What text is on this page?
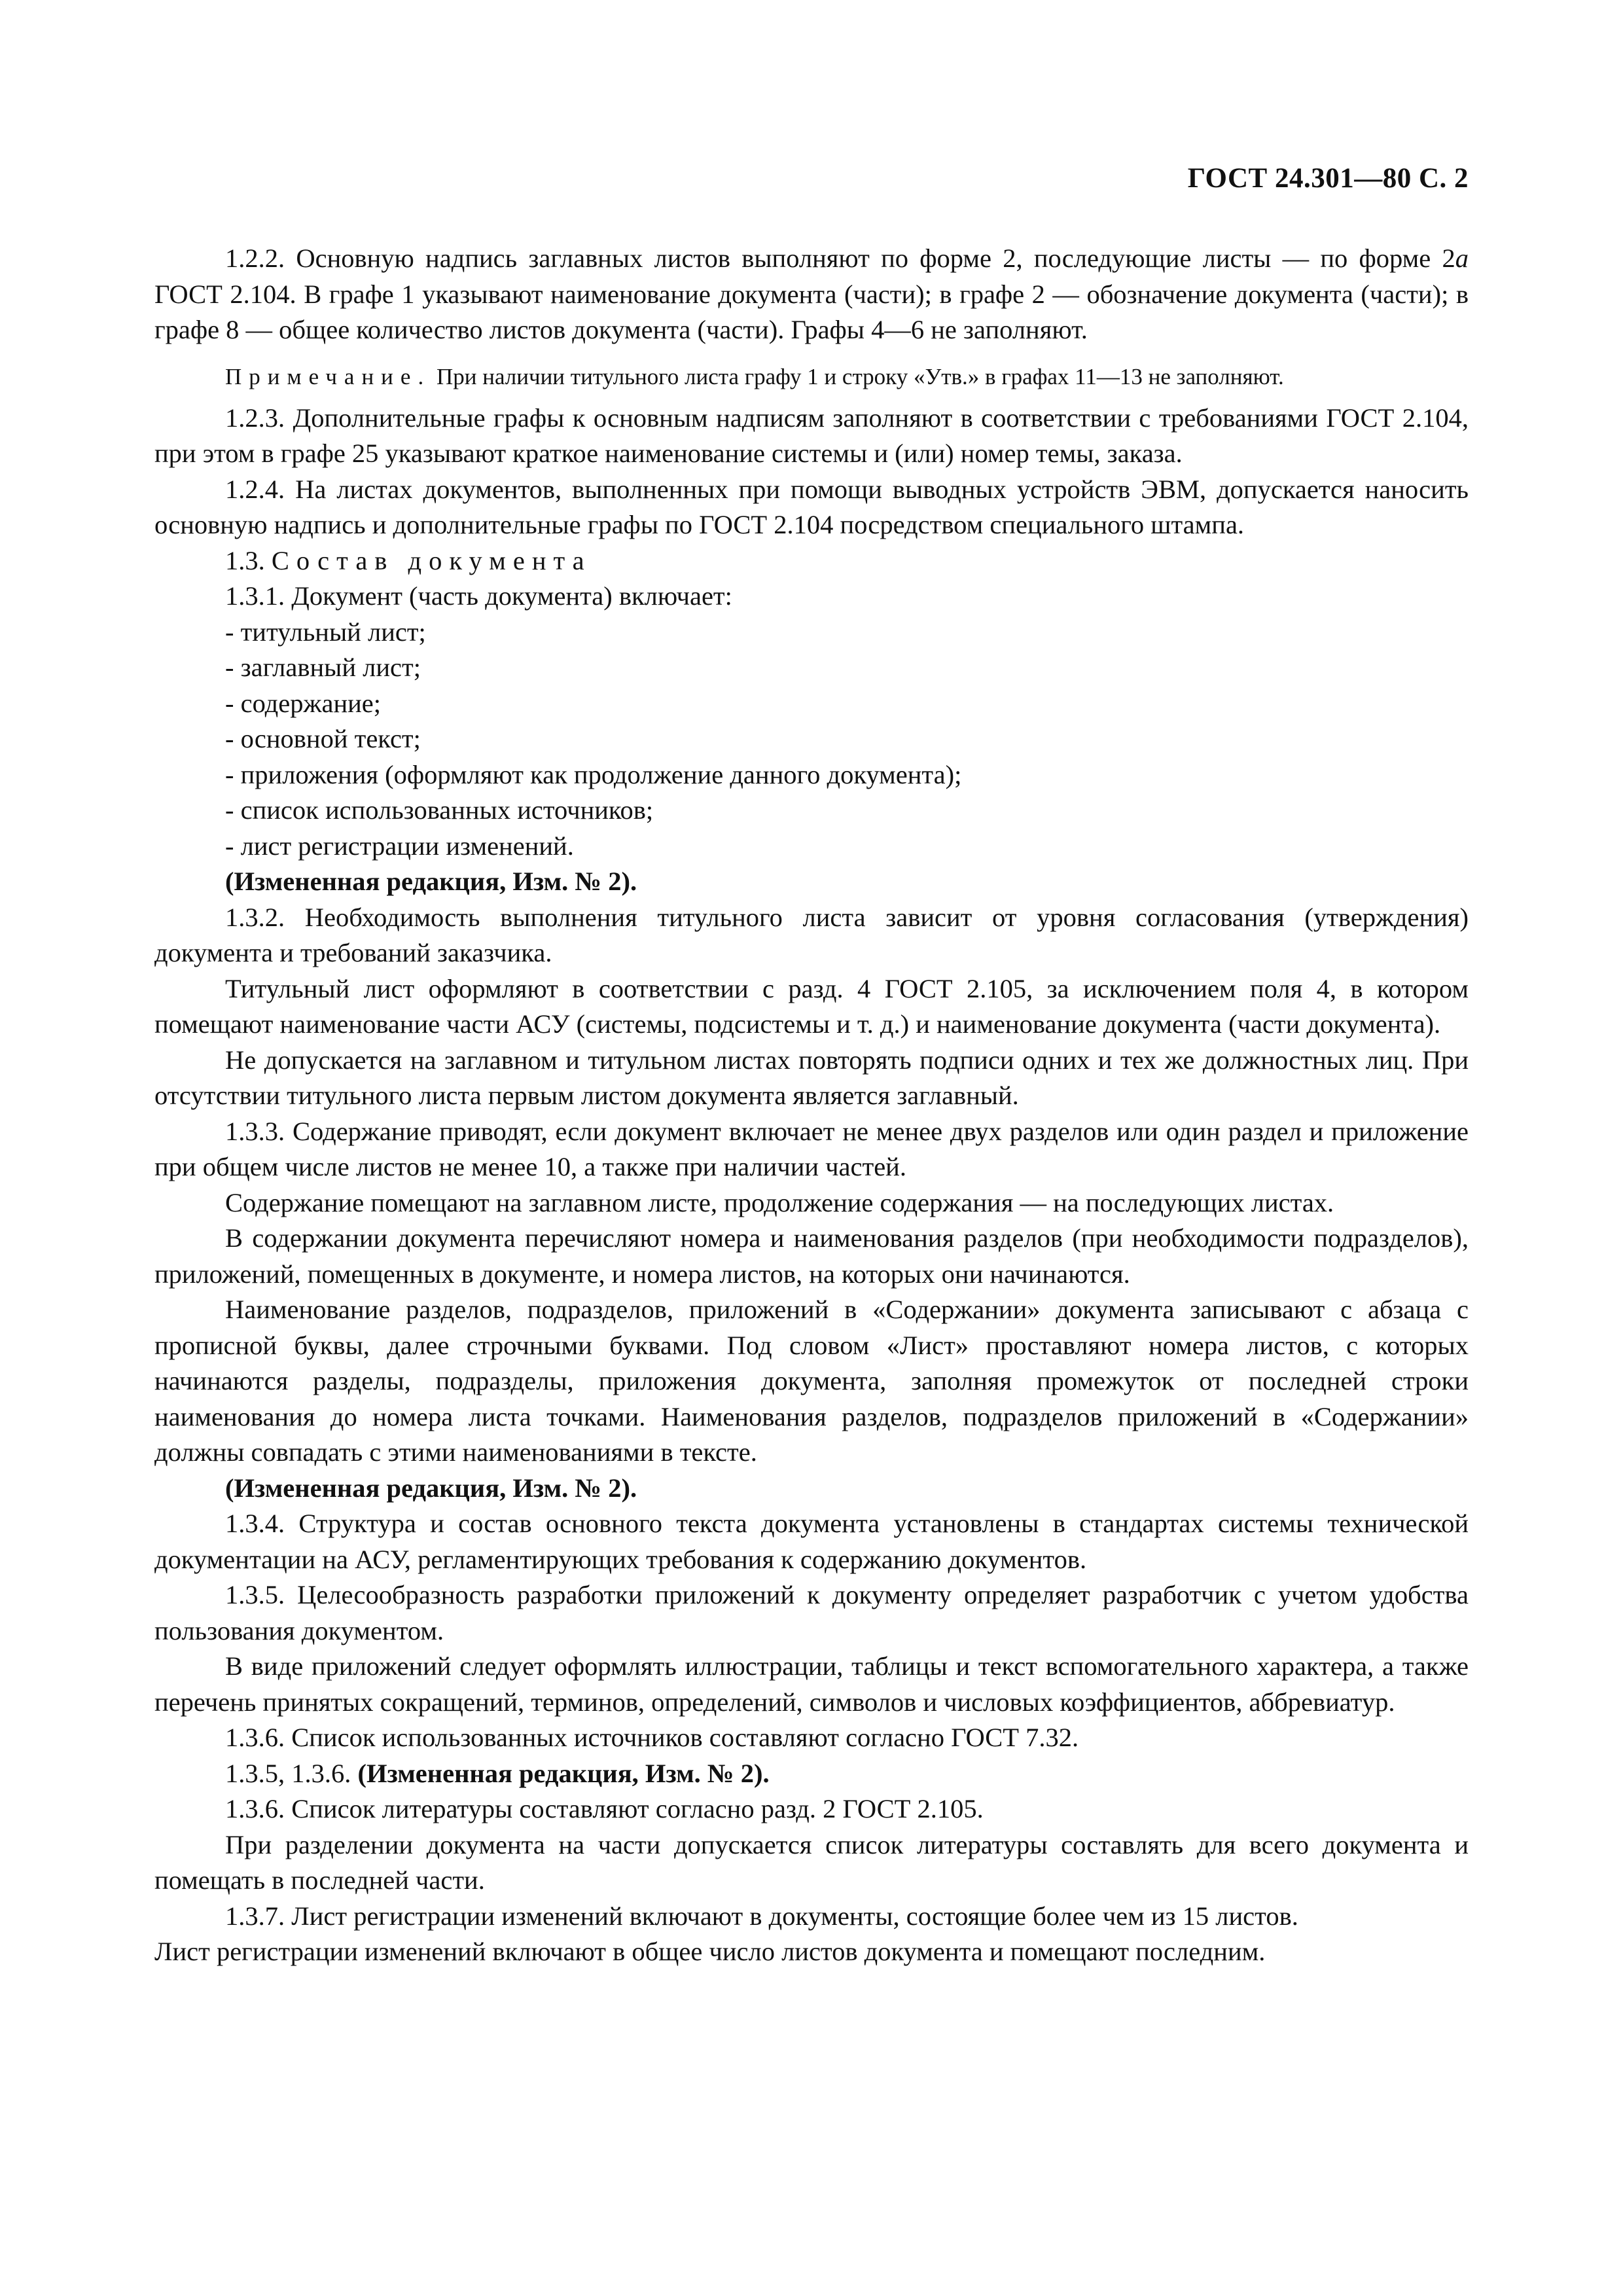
ГОСТ 24.301—80 С. 2

1.2.2. Основную надпись заглавных листов выполняют по форме 2, последующие листы — по форме 2а ГОСТ 2.104. В графе 1 указывают наименование документа (части); в графе 2 — обозначение документа (части); в графе 8 — общее количество листов документа (части). Графы 4—6 не заполняют.

Примечание. При наличии титульного листа графу 1 и строку «Утв.» в графах 11—13 не заполняют.

1.2.3. Дополнительные графы к основным надписям заполняют в соответствии с требованиями ГОСТ 2.104, при этом в графе 25 указывают краткое наименование системы и (или) номер темы, заказа.

1.2.4. На листах документов, выполненных при помощи выводных устройств ЭВМ, допускается наносить основную надпись и дополнительные графы по ГОСТ 2.104 посредством специального штампа.

1.3. Состав документа

1.3.1. Документ (часть документа) включает:

- титульный лист;

- заглавный лист;

- содержание;

- основной текст;

- приложения (оформляют как продолжение данного документа);

- список использованных источников;

- лист регистрации изменений.

(Измененная редакция, Изм. № 2).

1.3.2. Необходимость выполнения титульного листа зависит от уровня согласования (утверждения) документа и требований заказчика.

Титульный лист оформляют в соответствии с разд. 4 ГОСТ 2.105, за исключением поля 4, в котором помещают наименование части АСУ (системы, подсистемы и т. д.) и наименование документа (части документа).

Не допускается на заглавном и титульном листах повторять подписи одних и тех же должностных лиц. При отсутствии титульного листа первым листом документа является заглавный.

1.3.3. Содержание приводят, если документ включает не менее двух разделов или один раздел и приложение при общем числе листов не менее 10, а также при наличии частей.

Содержание помещают на заглавном листе, продолжение содержания — на последующих листах.

В содержании документа перечисляют номера и наименования разделов (при необходимости подразделов), приложений, помещенных в документе, и номера листов, на которых они начинаются.

Наименование разделов, подразделов, приложений в «Содержании» документа записывают с абзаца с прописной буквы, далее строчными буквами. Под словом «Лист» проставляют номера листов, с которых начинаются разделы, подразделы, приложения документа, заполняя промежуток от последней строки наименования до номера листа точками. Наименования разделов, подразделов приложений в «Содержании» должны совпадать с этими наименованиями в тексте.

(Измененная редакция, Изм. № 2).

1.3.4. Структура и состав основного текста документа установлены в стандартах системы технической документации на АСУ, регламентирующих требования к содержанию документов.

1.3.5. Целесообразность разработки приложений к документу определяет разработчик с учетом удобства пользования документом.

В виде приложений следует оформлять иллюстрации, таблицы и текст вспомогательного характера, а также перечень принятых сокращений, терминов, определений, символов и числовых коэффициентов, аббревиатур.

1.3.6. Список использованных источников составляют согласно ГОСТ 7.32.

1.3.5, 1.3.6. (Измененная редакция, Изм. № 2).

1.3.6. Список литературы составляют согласно разд. 2 ГОСТ 2.105.

При разделении документа на части допускается список литературы составлять для всего документа и помещать в последней части.

1.3.7. Лист регистрации изменений включают в документы, состоящие более чем из 15 листов.

Лист регистрации изменений включают в общее число листов документа и помещают последним.
